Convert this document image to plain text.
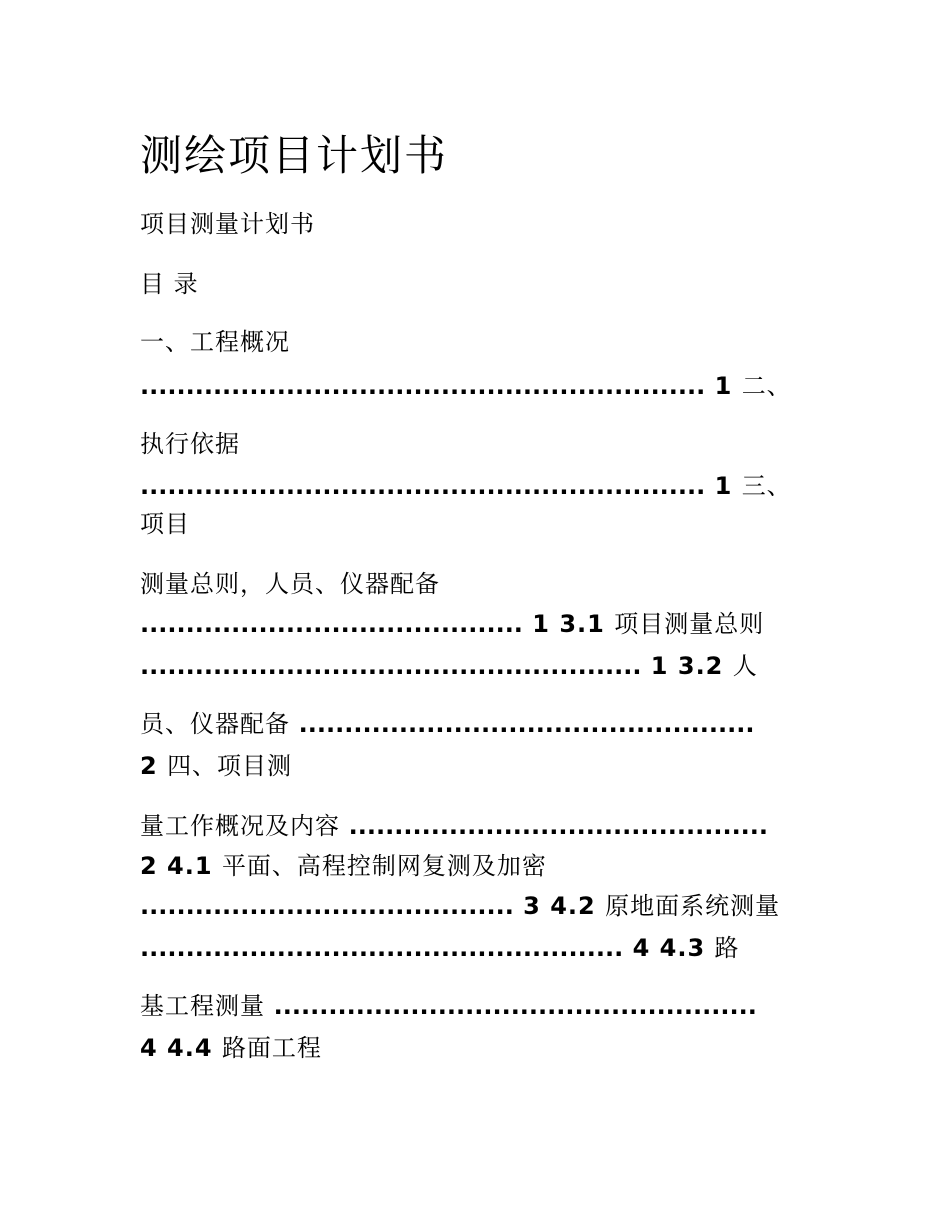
测绘项目计划书
项目测量计划书
目 录
一、工程概况
.............................................................. 1 二、
执行依据
.............................................................. 1 三、
项目
测量总则，人员、仪器配备
.......................................... 1 3.1 项目测量总则
....................................................... 1 3.2 人
员、仪器配备 ..................................................
2 四、项目测
量工作概况及内容 ..............................................
2 4.1 平面、高程控制网复测及加密
......................................... 3 4.2 原地面系统测量
..................................................... 4 4.3 路
基工程测量 .....................................................
4 4.4 路面工程
